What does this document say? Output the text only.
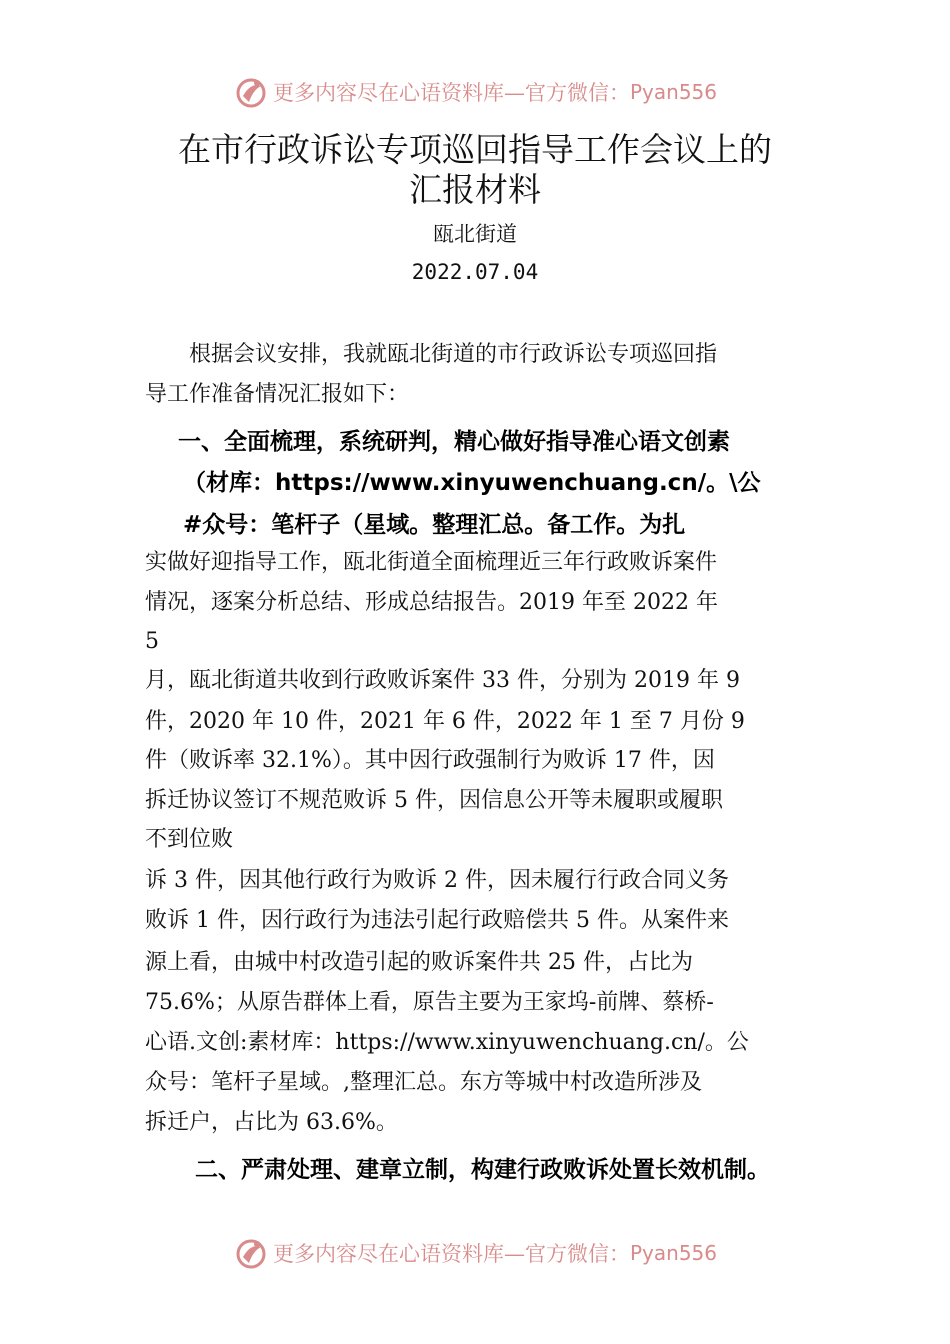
更多内容尽在心语资料库—官方微信： Pyan556
在市行政诉讼专项巡回指导工作会议上的
汇报材料
瓯北街道
2022.07.04
　　根据会议安排，我就瓯北街道的市行政诉讼专项巡回指
导工作准备情况汇报如下：
一、全面梳理，系统研判，精心做好指导准心语文创素
（材库：https://www.xinyuwenchuang.cn/。\公
#众号：笔杆子（星域。整理汇总。备工作。为扎
实做好迎指导工作，瓯北街道全面梳理近三年行政败诉案件
情况，逐案分析总结、形成总结报告。2019 年至 2022 年
5
月，瓯北街道共收到行政败诉案件 33 件，分别为 2019 年 9
件，2020 年 10 件，2021 年 6 件，2022 年 1 至 7 月份 9
件（败诉率 32.1%）。其中因行政强制行为败诉 17 件，因
拆迁协议签订不规范败诉 5 件，因信息公开等未履职或履职
不到位败
诉 3 件，因其他行政行为败诉 2 件，因未履行行政合同义务
败诉 1 件，因行政行为违法引起行政赔偿共 5 件。从案件来
源上看，由城中村改造引起的败诉案件共 25 件，占比为
75.6%；从原告群体上看，原告主要为王家坞-前牌、蔡桥-
心语.文创:素材库：https://www.xinyuwenchuang.cn/。公
众号：笔杆子星域。,整理汇总。东方等城中村改造所涉及
拆迁户，占比为 63.6%。
二、严肃处理、建章立制，构建行政败诉处置长效机制。
更多内容尽在心语资料库—官方微信： Pyan556
